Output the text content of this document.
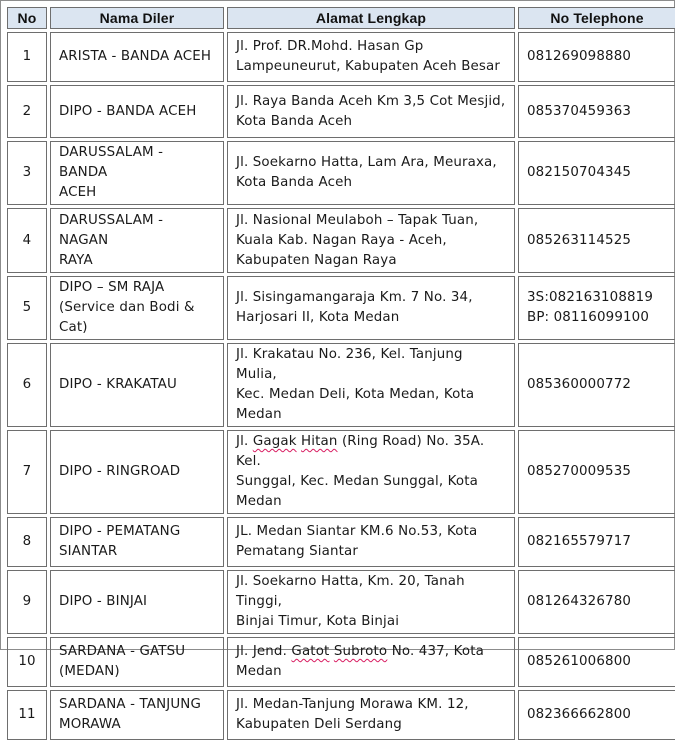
No	Nama Diler	Alamat Lengkap	No Telephone
1	ARISTA - BANDA ACEH	Jl. Prof. DR.Mohd. Hasan Gp
Lampeuneurut, Kabupaten Aceh Besar	081269098880

2	DIPO - BANDA ACEH	Jl. Raya Banda Aceh Km 3,5 Cot Mesjid,
Kota Banda Aceh	085370459363

3	DARUSSALAM - BANDA
ACEH	Jl. Soekarno Hatta, Lam Ara, Meuraxa,
Kota Banda Aceh	082150704345

4	DARUSSALAM - NAGAN
RAYA	Jl. Nasional Meulaboh – Tapak Tuan,
Kuala Kab. Nagan Raya - Aceh,
Kabupaten Nagan Raya	085263114525

5	DIPO – SM RAJA
(Service dan Bodi & Cat)	Jl. Sisingamangaraja Km. 7 No. 34,
Harjosari II, Kota Medan	3S:082163108819
BP: 08116099100

6	DIPO - KRAKATAU	Jl. Krakatau No. 236, Kel. Tanjung Mulia,
Kec. Medan Deli, Kota Medan, Kota
Medan	085360000772

7	DIPO - RINGROAD	Jl. Gagak Hitan (Ring Road) No. 35A. Kel.
Sunggal, Kec. Medan Sunggal, Kota
Medan	085270009535

8	DIPO - PEMATANG
SIANTAR	JL. Medan Siantar KM.6 No.53, Kota
Pematang Siantar	082165579717

9	DIPO - BINJAI	Jl. Soekarno Hatta, Km. 20, Tanah Tinggi,
Binjai Timur, Kota Binjai	081264326780

10	SARDANA - GATSU
(MEDAN)	Jl. Jend. Gatot Subroto No. 437, Kota
Medan	085261006800

11	SARDANA - TANJUNG
MORAWA	Jl. Medan-Tanjung Morawa KM. 12,
Kabupaten Deli Serdang	082366662800
